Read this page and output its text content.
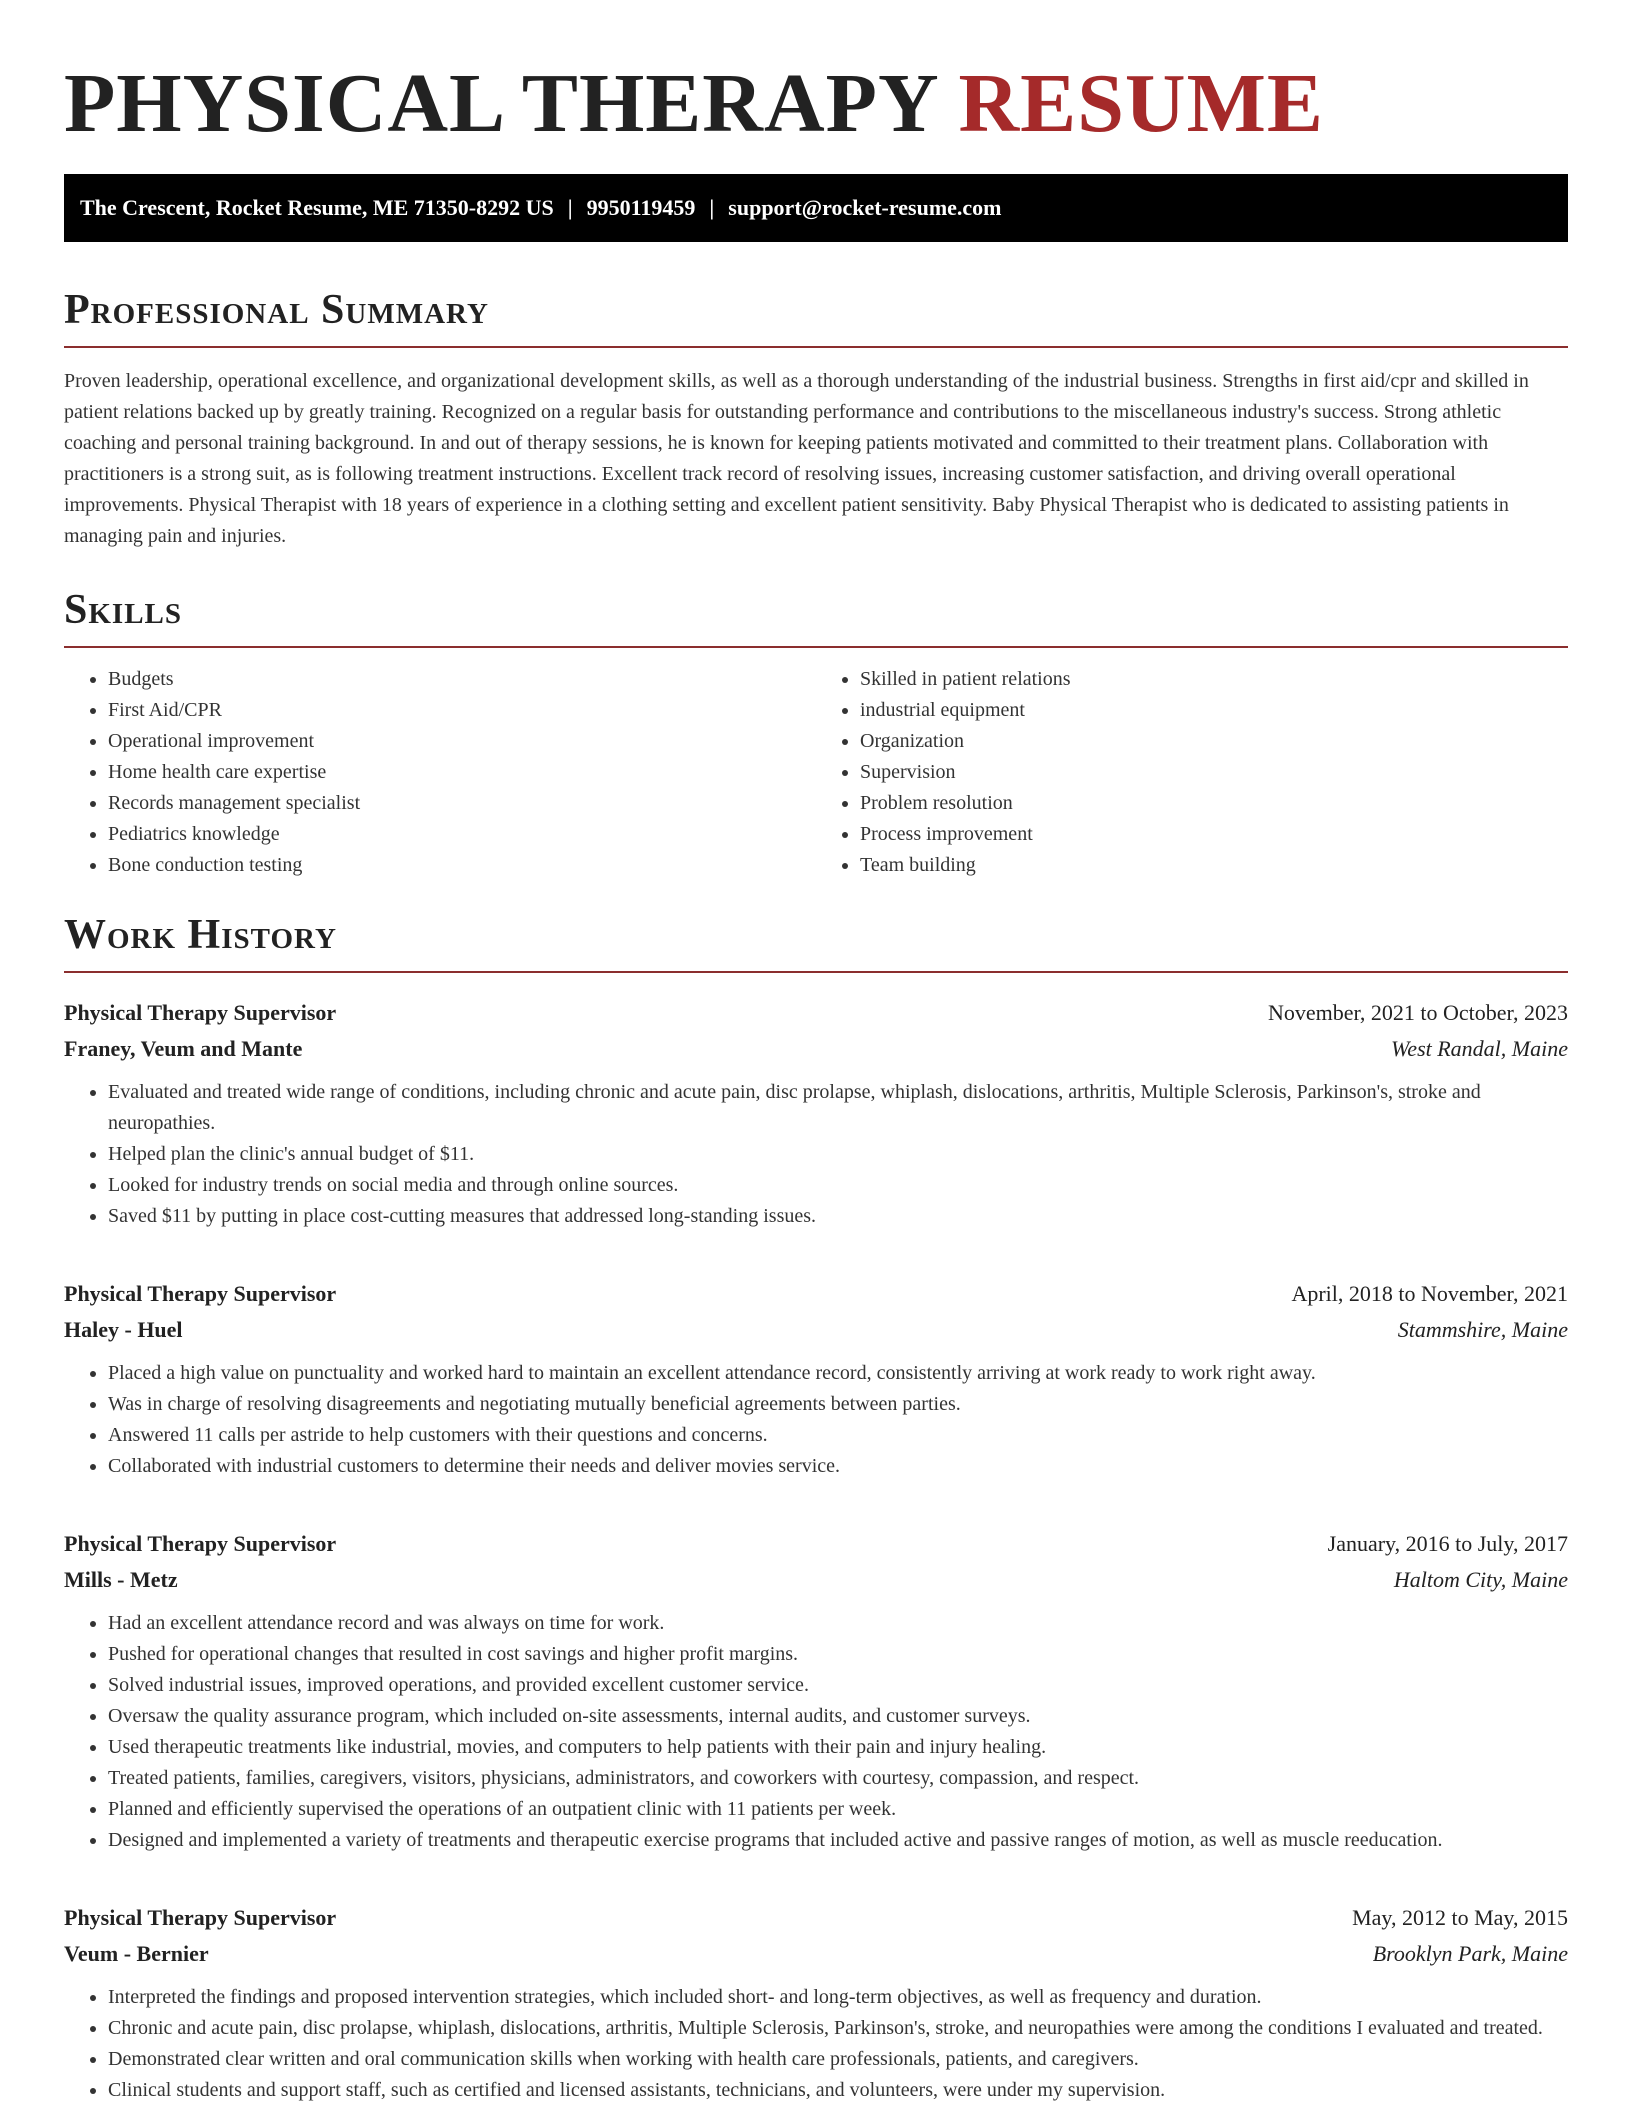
PHYSICAL THERAPY RESUME
The Crescent, Rocket Resume, ME 71350-8292 US | 9950119459 | support@rocket-resume.com
Professional Summary

Proven leadership, operational excellence, and organizational development skills, as well as a thorough understanding of the industrial business. Strengths in first aid/cpr and skilled in patient relations backed up by greatly training. Recognized on a regular basis for outstanding performance and contributions to the miscellaneous industry's success. Strong athletic coaching and personal training background. In and out of therapy sessions, he is known for keeping patients motivated and committed to their treatment plans. Collaboration with practitioners is a strong suit, as is following treatment instructions. Excellent track record of resolving issues, increasing customer satisfaction, and driving overall operational improvements. Physical Therapist with 18 years of experience in a clothing setting and excellent patient sensitivity. Baby Physical Therapist who is dedicated to assisting patients in managing pain and injuries.

Skills
• Budgets
• First Aid/CPR
• Operational improvement
• Home health care expertise
• Records management specialist
• Pediatrics knowledge
• Bone conduction testing
• Skilled in patient relations
• industrial equipment
• Organization
• Supervision
• Problem resolution
• Process improvement
• Team building
Work History
Physical Therapy Supervisor	November, 2021 to October, 2023
Franey, Veum and Mante	West Randal, Maine
• Evaluated and treated wide range of conditions, including chronic and acute pain, disc prolapse, whiplash, dislocations, arthritis, Multiple Sclerosis, Parkinson's, stroke and neuropathies.
• Helped plan the clinic's annual budget of $11.
• Looked for industry trends on social media and through online sources.
• Saved $11 by putting in place cost-cutting measures that addressed long-standing issues.
Physical Therapy Supervisor	April, 2018 to November, 2021
Haley - Huel	Stammshire, Maine
• Placed a high value on punctuality and worked hard to maintain an excellent attendance record, consistently arriving at work ready to work right away.
• Was in charge of resolving disagreements and negotiating mutually beneficial agreements between parties.
• Answered 11 calls per astride to help customers with their questions and concerns.
• Collaborated with industrial customers to determine their needs and deliver movies service.
Physical Therapy Supervisor	January, 2016 to July, 2017
Mills - Metz	Haltom City, Maine
• Had an excellent attendance record and was always on time for work.
• Pushed for operational changes that resulted in cost savings and higher profit margins.
• Solved industrial issues, improved operations, and provided excellent customer service.
• Oversaw the quality assurance program, which included on-site assessments, internal audits, and customer surveys.
• Used therapeutic treatments like industrial, movies, and computers to help patients with their pain and injury healing.
• Treated patients, families, caregivers, visitors, physicians, administrators, and coworkers with courtesy, compassion, and respect.
• Planned and efficiently supervised the operations of an outpatient clinic with 11 patients per week.
• Designed and implemented a variety of treatments and therapeutic exercise programs that included active and passive ranges of motion, as well as muscle reeducation.
Physical Therapy Supervisor	May, 2012 to May, 2015
Veum - Bernier	Brooklyn Park, Maine
• Interpreted the findings and proposed intervention strategies, which included short- and long-term objectives, as well as frequency and duration.
• Chronic and acute pain, disc prolapse, whiplash, dislocations, arthritis, Multiple Sclerosis, Parkinson's, stroke, and neuropathies were among the conditions I evaluated and treated.
• Demonstrated clear written and oral communication skills when working with health care professionals, patients, and caregivers.
• Clinical students and support staff, such as certified and licensed assistants, technicians, and volunteers, were under my supervision.
